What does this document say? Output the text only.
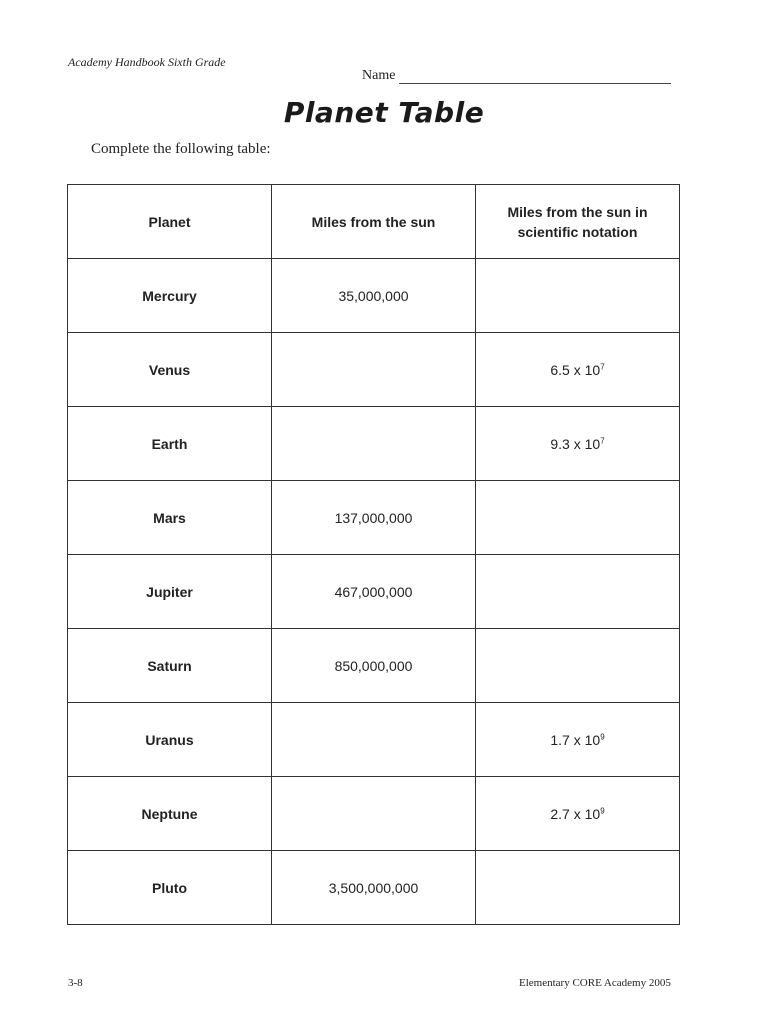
Academy Handbook Sixth Grade
Name
Planet Table
Complete the following table:
Planet	Miles from the sun	Miles from the sun in scientific notation
Mercury	35,000,000	
Venus		6.5 x $10^7$
Earth		9.3 x $10^7$
Mars	137,000,000	
Jupiter	467,000,000	
Saturn	850,000,000	
Uranus		1.7 x $10^9$
Neptune		2.7 x $10^9$
Pluto	3,500,000,000	
3-8	Elementary CORE Academy 2005
